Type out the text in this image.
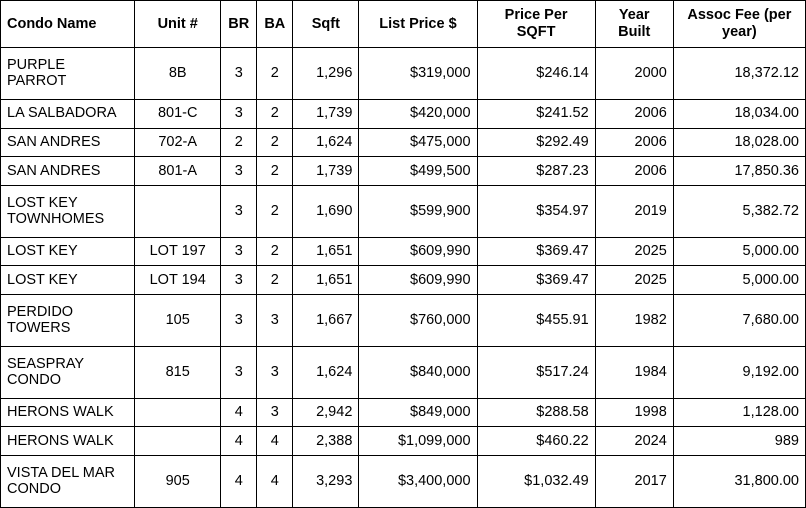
Condo Name	Unit #	BR	BA	Sqft	List Price $	Price Per SQFT	Year Built	Assoc Fee (per year)
PURPLE PARROT	8B	3	2	1,296	$319,000	$246.14	2000	18,372.12
LA SALBADORA	801-C	3	2	1,739	$420,000	$241.52	2006	18,034.00
SAN ANDRES	702-A	2	2	1,624	$475,000	$292.49	2006	18,028.00
SAN ANDRES	801-A	3	2	1,739	$499,500	$287.23	2006	17,850.36
LOST KEY TOWNHOMES		3	2	1,690	$599,900	$354.97	2019	5,382.72
LOST KEY	LOT 197	3	2	1,651	$609,990	$369.47	2025	5,000.00
LOST KEY	LOT 194	3	2	1,651	$609,990	$369.47	2025	5,000.00
PERDIDO TOWERS	105	3	3	1,667	$760,000	$455.91	1982	7,680.00
SEASPRAY CONDO	815	3	3	1,624	$840,000	$517.24	1984	9,192.00
HERONS WALK		4	3	2,942	$849,000	$288.58	1998	1,128.00
HERONS WALK		4	4	2,388	$1,099,000	$460.22	2024	989
VISTA DEL MAR CONDO	905	4	4	3,293	$3,400,000	$1,032.49	2017	31,800.00
